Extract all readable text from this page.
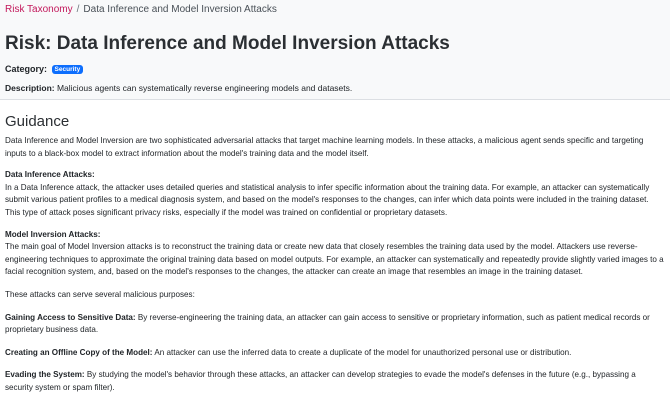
Risk Taxonomy / Data Inference and Model Inversion Attacks
Risk: Data Inference and Model Inversion Attacks
Category: Security
Description: Malicious agents can systematically reverse engineering models and datasets.
Guidance

Data Inference and Model Inversion are two sophisticated adversarial attacks that target machine learning models. In these attacks, a malicious agent sends specific and targeting inputs to a black-box model to extract information about the model's training data and the model itself.

Data Inference Attacks:

In a Data Inference attack, the attacker uses detailed queries and statistical analysis to infer specific information about the training data. For example, an attacker can systematically submit various patient profiles to a medical diagnosis system, and based on the model's responses to the changes, can infer which data points were included in the training dataset. This type of attack poses significant privacy risks, especially if the model was trained on confidential or proprietary datasets.

Model Inversion Attacks:

The main goal of Model Inversion attacks is to reconstruct the training data or create new data that closely resembles the training data used by the model. Attackers use reverse-engineering techniques to approximate the original training data based on model outputs. For example, an attacker can systematically and repeatedly provide slightly varied images to a facial recognition system, and, based on the model's responses to the changes, the attacker can create an image that resembles an image in the training dataset.

These attacks can serve several malicious purposes:

Gaining Access to Sensitive Data: By reverse-engineering the training data, an attacker can gain access to sensitive or proprietary information, such as patient medical records or proprietary business data.

Creating an Offline Copy of the Model: An attacker can use the inferred data to create a duplicate of the model for unauthorized personal use or distribution.

Evading the System: By studying the model's behavior through these attacks, an attacker can develop strategies to evade the model's defenses in the future (e.g., bypassing a security system or spam filter).
